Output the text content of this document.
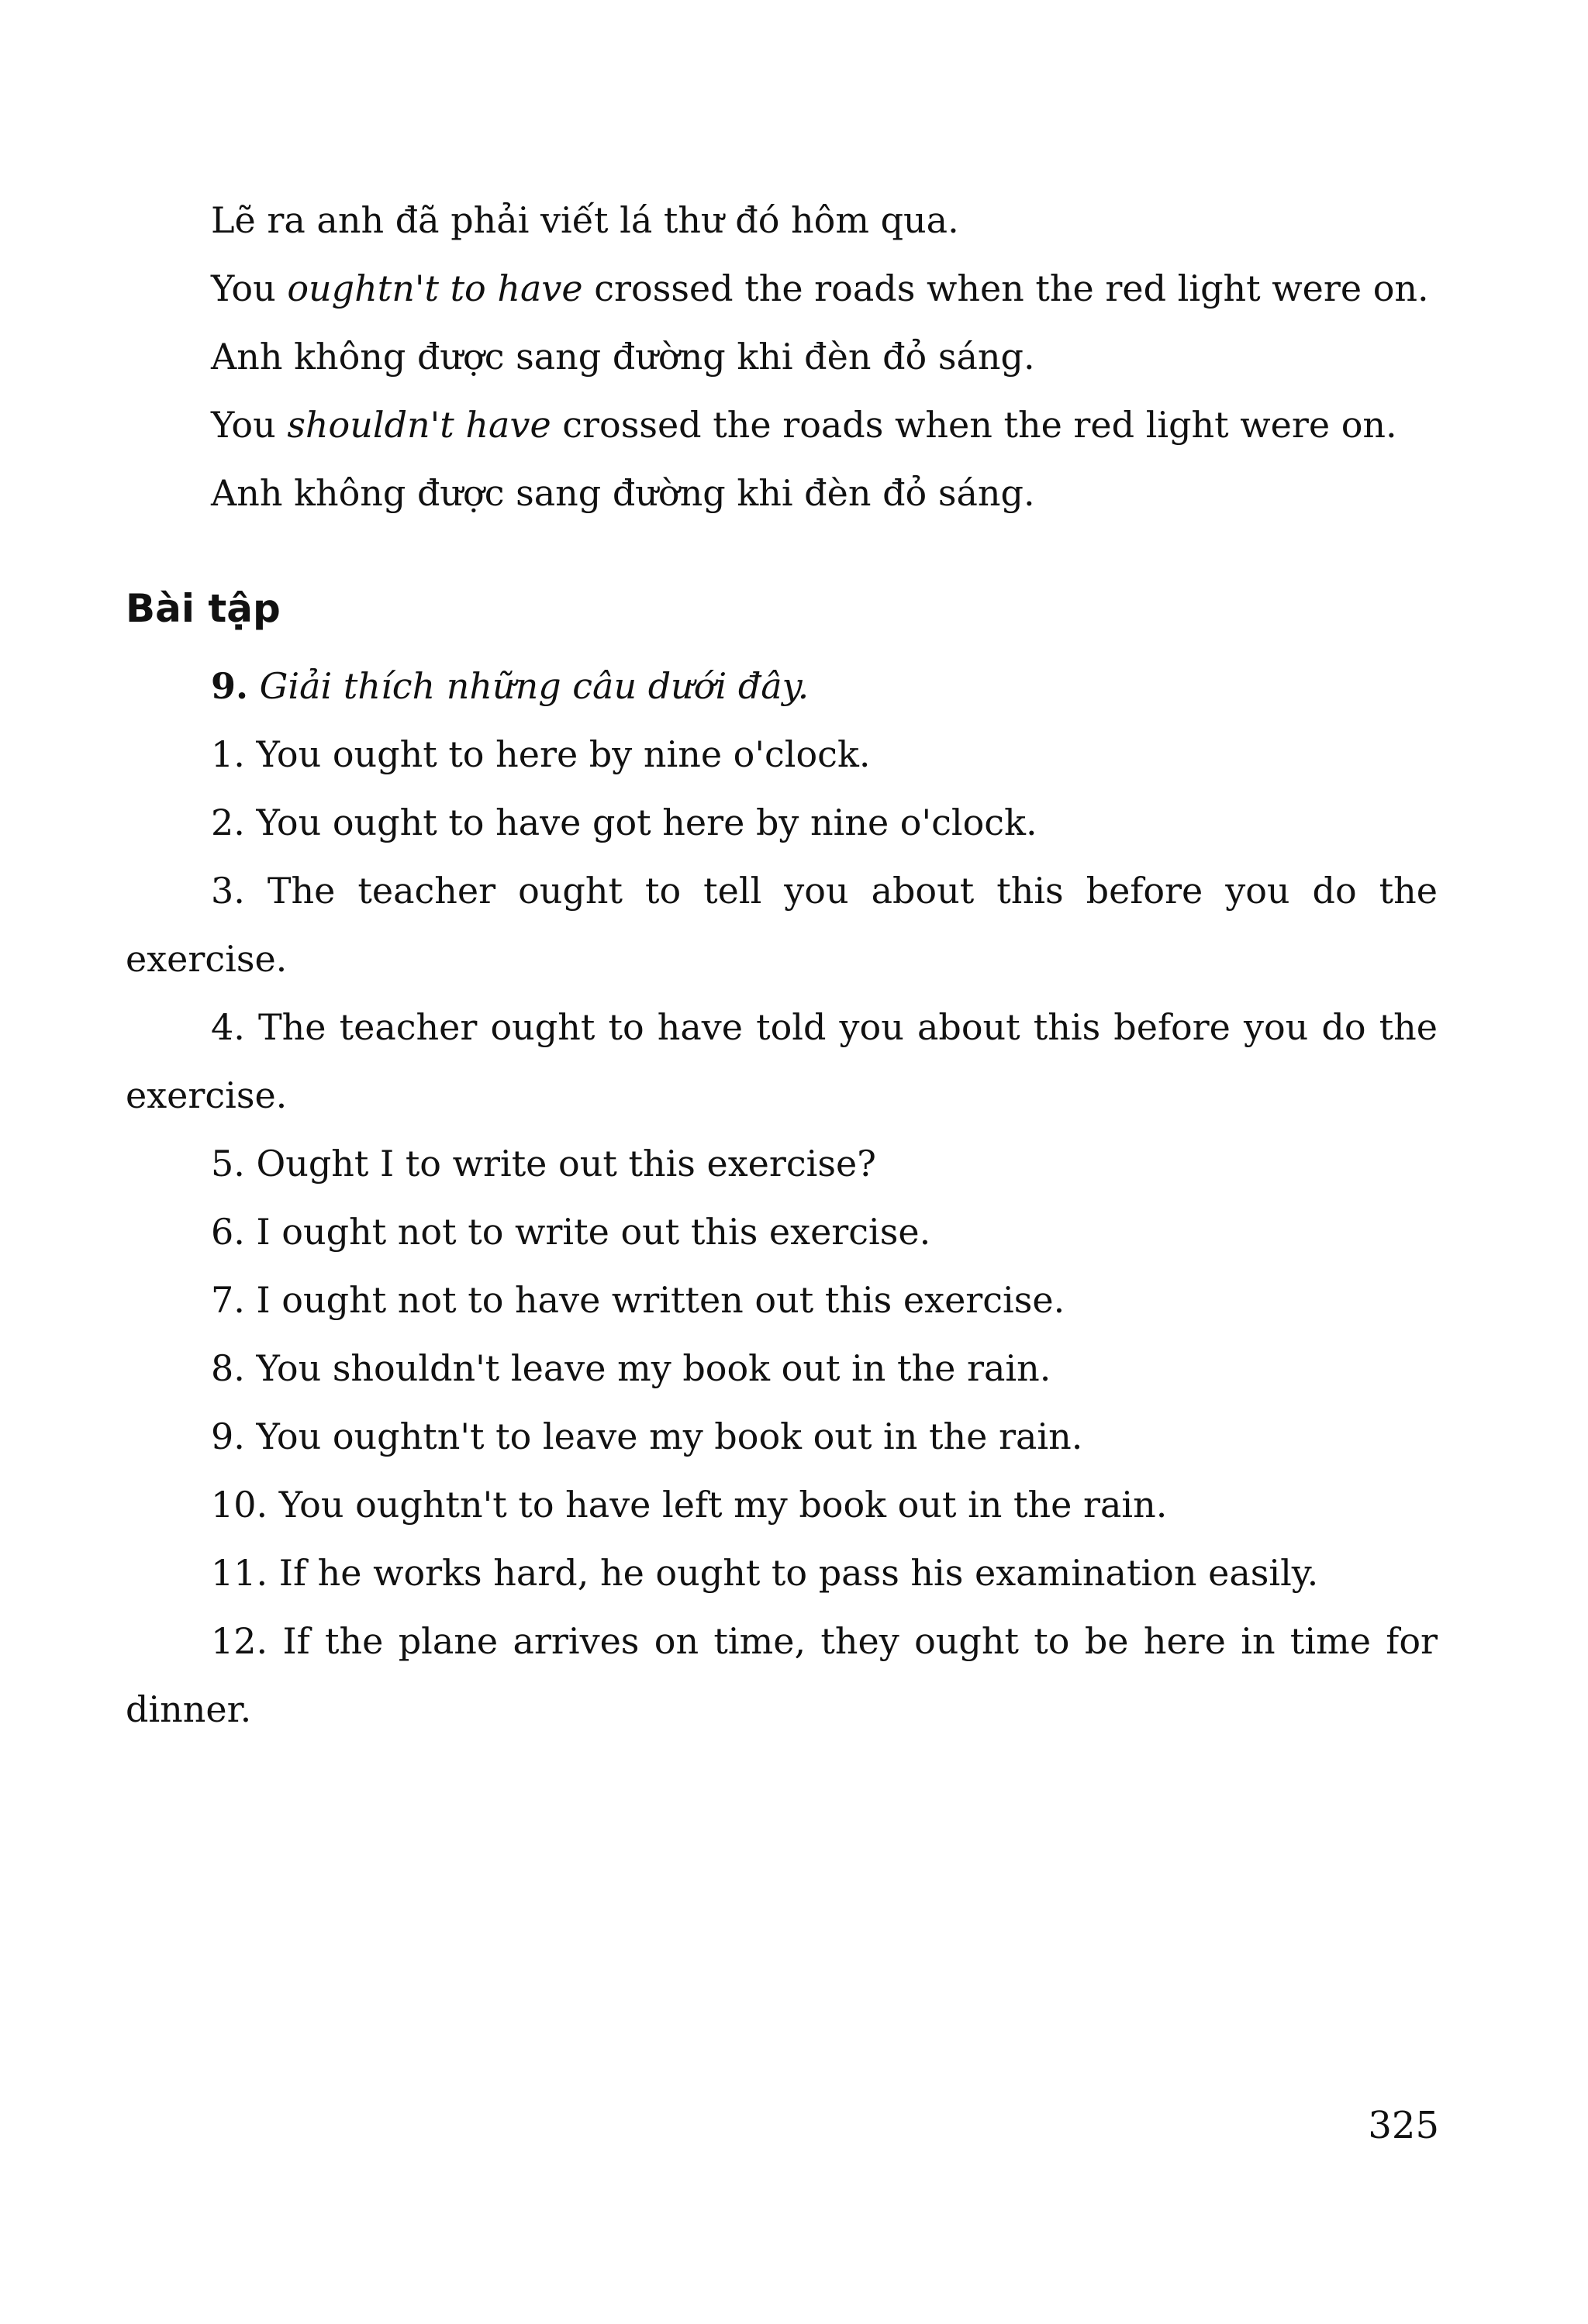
Lẽ ra anh đã phải viết lá thư đó hôm qua.

You oughtn't to have crossed the roads when the red light were on.

Anh không được sang đường khi đèn đỏ sáng.

You shouldn't have crossed the roads when the red light were on.

Anh không được sang đường khi đèn đỏ sáng.

Bài tập

9. Giải thích những câu dưới đây.

1. You ought to here by nine o'clock.

2. You ought to have got here by nine o'clock.

3. The teacher ought to tell you about this before you do the exercise.

4. The teacher ought to have told you about this before you do the exercise.

5. Ought I to write out this exercise?

6. I ought not to write out this exercise.

7. I ought not to have written out this exercise.

8. You shouldn't leave my book out in the rain.

9. You oughtn't to leave my book out in the rain.

10. You oughtn't to have left my book out in the rain.

11. If he works hard, he ought to pass his examination easily.

12. If the plane arrives on time, they ought to be here in time for dinner.

325
